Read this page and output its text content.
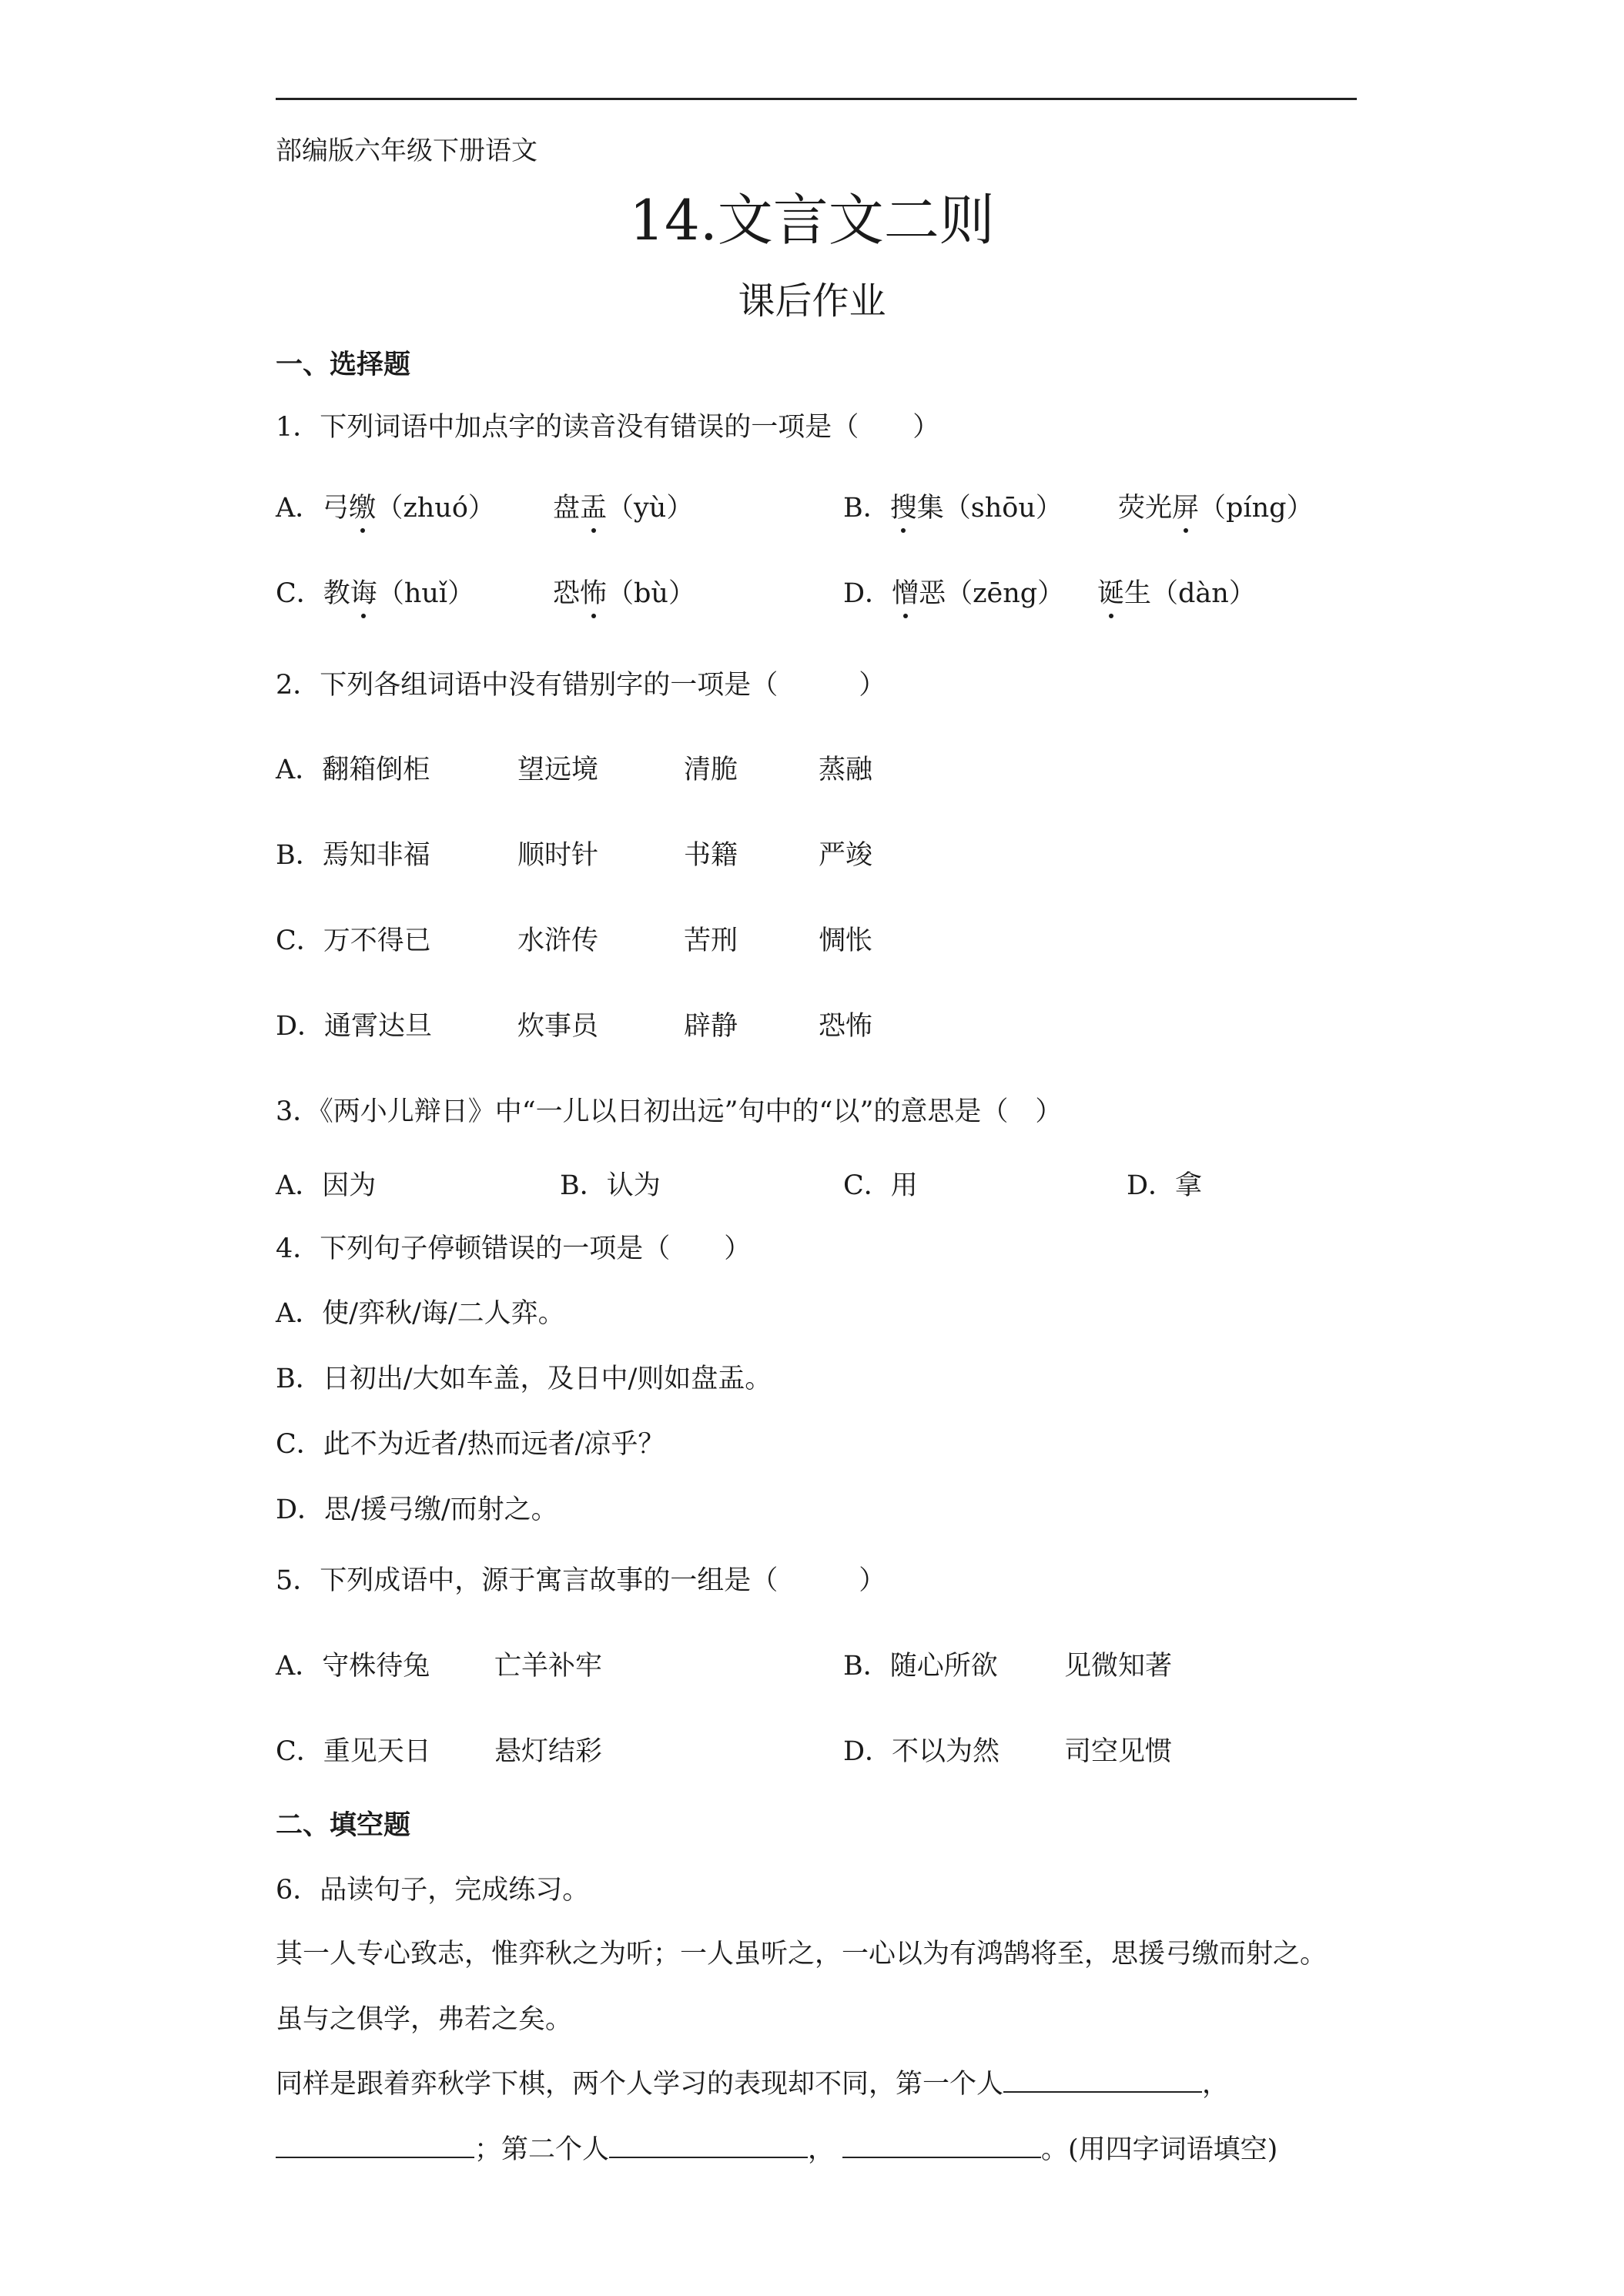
部编版六年级下册语文
14.文言文二则
课后作业
一、选择题
1．下列词语中加点字的读音没有错误的一项是（　　）
A．弓缴（zhuó） 盘盂（yù）	B．搜集（shōu） 荧光屏（píng）
C．教诲（huǐ）	恐怖（bù）	D．憎恶（zēng） 诞生（dàn）
2．下列各组词语中没有错别字的一项是（　　　）
A．翻箱倒柜	望远境	清脆	蒸融
B．焉知非福	顺时针	书籍	严竣
C．万不得已	水浒传	苦刑	惆怅
D．通霄达旦	炊事员	辟静	恐怖
3．《两小儿辩日》中“一儿以日初出远”句中的“以”的意思是（　）
A．因为	B．认为	C．用	D．拿
4．下列句子停顿错误的一项是（　　）
A．使/弈秋/诲/二人弈。
B．日初出/大如车盖，及日中/则如盘盂。
C．此不为近者/热而远者/凉乎？
D．思/援弓缴/而射之。
5．下列成语中，源于寓言故事的一组是（　　　）
A．守株待兔 亡羊补牢	B．随心所欲 见微知著
C．重见天日 悬灯结彩	D．不以为然 司空见惯
二、填空题
6．品读句子，完成练习。
其一人专心致志，惟弈秋之为听；一人虽听之，一心以为有鸿鹄将至，思援弓缴而射之。
虽与之俱学，弗若之矣。
同样是跟着弈秋学下棋，两个人学习的表现却不同，第一个人	，
；第二个人	，	。(用四字词语填空)
